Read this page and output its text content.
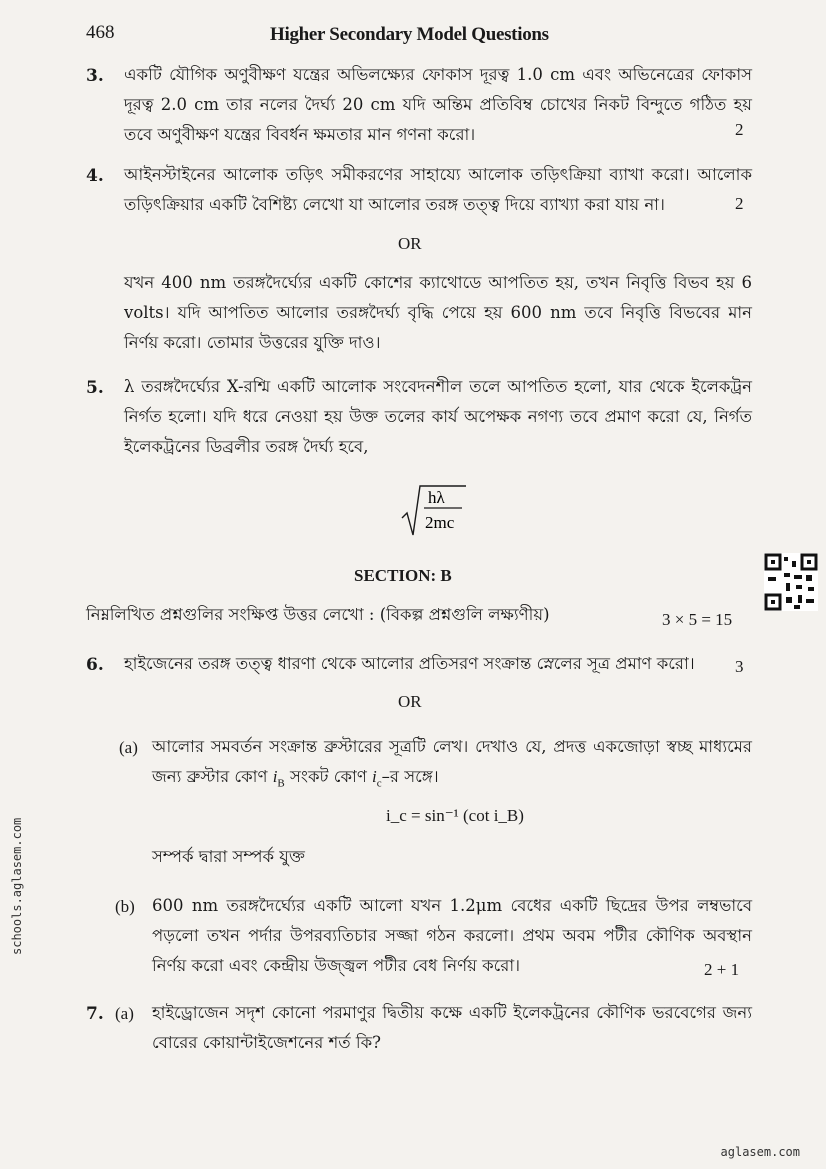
468	Higher Secondary Model Questions
3. একটি যৌগিক অণুবীক্ষণ যন্ত্রের অভিলক্ষ্যের ফোকাস দূরত্ব 1.0 cm এবং অভিনেত্রের ফোকাস দূরত্ব 2.0 cm তার নলের দৈর্ঘ্য 20 cm যদি অন্তিম প্রতিবিম্ব চোখের নিকট বিন্দুতে গঠিত হয় তবে অণুবীক্ষণ যন্ত্রের বিবর্ধন ক্ষমতার মান গণনা করো।	2
4. আইনস্টাইনের আলোক তড়িৎ সমীকরণের সাহায্যে আলোক তড়িৎক্রিয়া ব্যাখা করো। আলোক তড়িৎক্রিয়ার একটি বৈশিষ্ট্য লেখো যা আলোর তরঙ্গ তত্ত্ব দিয়ে ব্যাখ্যা করা যায় না।	2
OR
যখন 400 nm তরঙ্গদৈর্ঘ্যের একটি কোশের ক্যাথোডে আপতিত হয়, তখন নিবৃত্তি বিভব হয় 6 volts। যদি আপতিত আলোর তরঙ্গদৈর্ঘ্য বৃদ্ধি পেয়ে হয় 600 nm তবে নিবৃত্তি বিভবের মান নির্ণয় করো। তোমার উত্তরের যুক্তি দাও।
5. λ তরঙ্গদৈর্ঘ্যের X-রশ্মি একটি আলোক সংবেদনশীল তলে আপতিত হলো, যার থেকে ইলেকট্রন নির্গত হলো। যদি ধরে নেওয়া হয় উক্ত তলের কার্য অপেক্ষক নগণ্য তবে প্রমাণ করো যে, নির্গত ইলেকট্রনের ডিব্রলীর তরঙ্গ দৈর্ঘ্য হবে,
hλ
2mc
SECTION: B
নিম্নলিখিত প্রশ্নগুলির সংক্ষিপ্ত উত্তর লেখো : (বিকল্প প্রশ্নগুলি লক্ষ্যণীয়)	3 × 5 = 15
6. হাইজেনের তরঙ্গ তত্ত্ব ধারণা থেকে আলোর প্রতিসরণ সংক্রান্ত স্নেলের সূত্র প্রমাণ করো।	3
OR
(a) আলোর সমবর্তন সংক্রান্ত ব্রুস্টারের সূত্রটি লেখ। দেখাও যে, প্রদত্ত একজোড়া স্বচ্ছ মাধ্যমের জন্য ব্রুস্টার কোণ $i_B$ সংকট কোণ $i_c-র$ সঙ্গে।
i_c = sin⁻¹ (cot i_B)
সম্পর্ক দ্বারা সম্পর্ক যুক্ত
(b) 600 nm তরঙ্গদৈর্ঘ্যের একটি আলো যখন 1.2μm বেধের একটি ছিদ্রের উপর লম্বভাবে পড়লো তখন পর্দার উপরব্যতিচার সজ্জা গঠন করলো। প্রথম অবম পটীর কৌণিক অবস্থান নির্ণয় করো এবং কেন্দ্রীয় উজ্জ্বল পটীর বেধ নির্ণয় করো।	2 + 1
7. (a) হাইড্রোজেন সদৃশ কোনো পরমাণুর দ্বিতীয় কক্ষে একটি ইলেকট্রনের কৌণিক ভরবেগের জন্য বোরের কোয়ান্টাইজেশনের শর্ত কি?
schools.aglasem.com
aglasem.com
